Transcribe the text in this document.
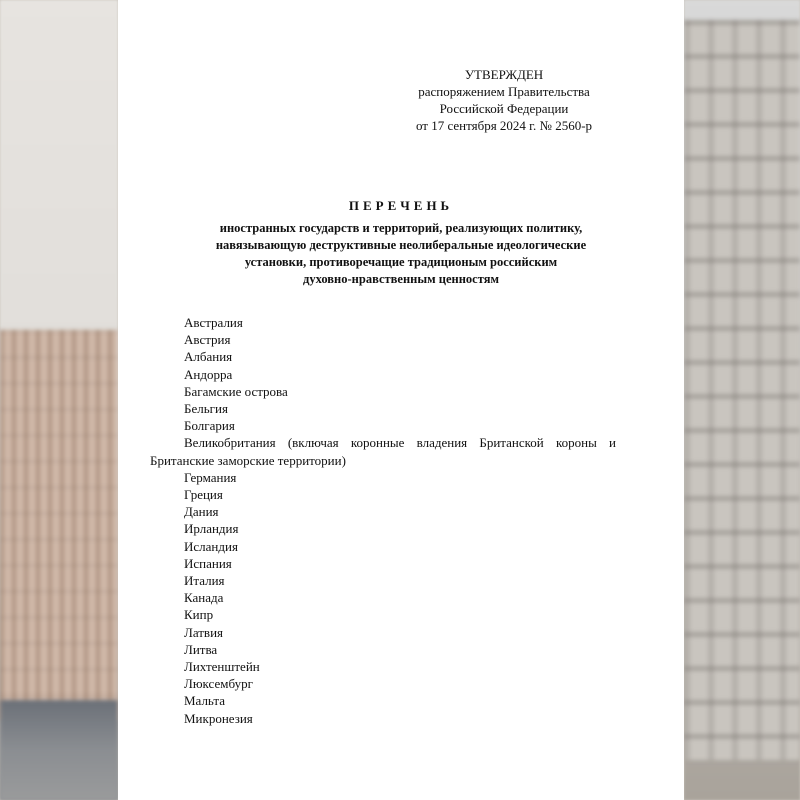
УТВЕРЖДЕН
распоряжением Правительства
Российской Федерации
от 17 сентября 2024 г. № 2560-р
ПЕРЕЧЕНЬ
иностранных государств и территорий, реализующих политику,
навязывающую деструктивные неолиберальные идеологические
установки, противоречащие традиционым российским
духовно-нравственным ценностям
Австралия
Австрия
Албания
Андорра
Багамские острова
Бельгия
Болгария
Великобритания (включая коронные владения Британской короны и Британские заморские территории)
Германия
Греция
Дания
Ирландия
Исландия
Испания
Италия
Канада
Кипр
Латвия
Литва
Лихтенштейн
Люксембург
Мальта
Микронезия
